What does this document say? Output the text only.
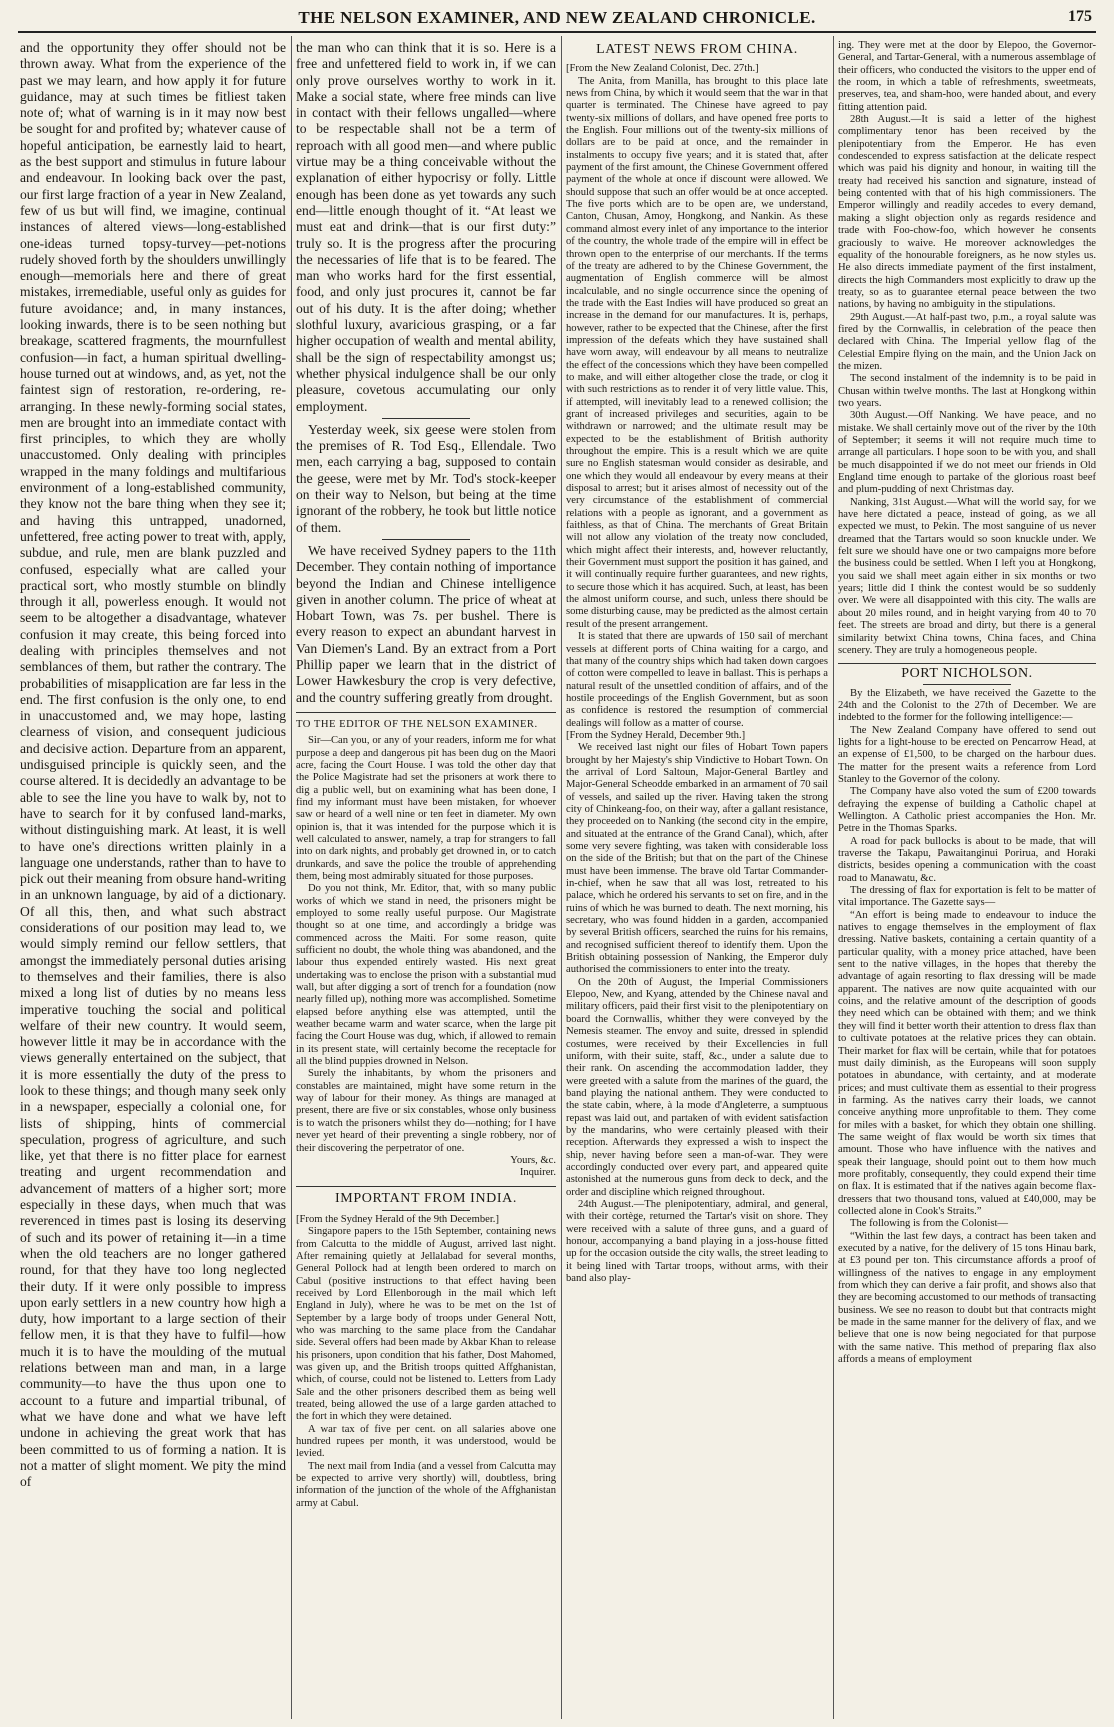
THE NELSON EXAMINER, AND NEW ZEALAND CHRONICLE.	175

and the opportunity they offer should not be thrown away. What from the experience of the past we may learn, and how apply it for future guidance, may at such times be fitliest taken note of; what of warning is in it may now best be sought for and profited by; whatever cause of hopeful anticipation, be earnestly laid to heart, as the best support and stimulus in future labour and endeavour. In looking back over the past, our first large fraction of a year in New Zealand, few of us but will find, we imagine, continual instances of altered views—long-established one-ideas turned topsy-turvey—pet-notions rudely shoved forth by the shoulders unwillingly enough—memorials here and there of great mistakes, irremediable, useful only as guides for future avoidance; and, in many instances, looking inwards, there is to be seen nothing but breakage, scattered fragments, the mournfullest confusion—in fact, a human spiritual dwelling-house turned out at windows, and, as yet, not the faintest sign of restoration, re-ordering, re-arranging. In these newly-forming social states, men are brought into an immediate contact with first principles, to which they are wholly unaccustomed. Only dealing with principles wrapped in the many foldings and multifarious environment of a long-established community, they know not the bare thing when they see it; and having this untrapped, unadorned, unfettered, free acting power to treat with, apply, subdue, and rule, men are blank puzzled and confused, especially what are called your practical sort, who mostly stumble on blindly through it all, powerless enough. It would not seem to be altogether a disadvantage, whatever confusion it may create, this being forced into dealing with principles themselves and not semblances of them, but rather the contrary. The probabilities of misapplication are far less in the end. The first confusion is the only one, to end in unaccustomed and, we may hope, lasting clearness of vision, and consequent judicious and decisive action. Departure from an apparent, undisguised principle is quickly seen, and the course altered. It is decidedly an advantage to be able to see the line you have to walk by, not to have to search for it by confused land-marks, without distinguishing mark. At least, it is well to have one's directions written plainly in a language one understands, rather than to have to pick out their meaning from obsure hand-writing in an unknown language, by aid of a dictionary. Of all this, then, and what such abstract considerations of our position may lead to, we would simply remind our fellow settlers, that amongst the immediately personal duties arising to themselves and their families, there is also mixed a long list of duties by no means less imperative touching the social and political welfare of their new country. It would seem, however little it may be in accordance with the views generally entertained on the subject, that it is more essentially the duty of the press to look to these things; and though many seek only in a newspaper, especially a colonial one, for lists of shipping, hints of commercial speculation, progress of agriculture, and such like, yet that there is no fitter place for earnest treating and urgent recommendation and advancement of matters of a higher sort; more especially in these days, when much that was reverenced in times past is losing its deserving of such and its power of retaining it—in a time when the old teachers are no longer gathered round, for that they have too long neglected their duty. If it were only possible to impress upon early settlers in a new country how high a duty, how important to a large section of their fellow men, it is that they have to fulfil—how much it is to have the moulding of the mutual relations between man and man, in a large community—to have the thus upon one to account to a future and impartial tribunal, of what we have done and what we have left undone in achieving the great work that has been committed to us of forming a nation. It is not a matter of slight moment. We pity the mind of

the man who can think that it is so. Here is a free and unfettered field to work in, if we can only prove ourselves worthy to work in it. Make a social state, where free minds can live in contact with their fellows ungalled—where to be respectable shall not be a term of reproach with all good men—and where public virtue may be a thing conceivable without the explanation of either hypocrisy or folly. Little enough has been done as yet towards any such end—little enough thought of it. “At least we must eat and drink—that is our first duty:” truly so. It is the progress after the procuring the necessaries of life that is to be feared. The man who works hard for the first essential, food, and only just procures it, cannot be far out of his duty. It is the after doing; whether slothful luxury, avaricious grasping, or a far higher occupation of wealth and mental ability, shall be the sign of respectability amongst us; whether physical indulgence shall be our only pleasure, covetous accumulating our only employment.

Yesterday week, six geese were stolen from the premises of R. Tod Esq., Ellendale. Two men, each carrying a bag, supposed to contain the geese, were met by Mr. Tod's stock-keeper on their way to Nelson, but being at the time ignorant of the robbery, he took but little notice of them.

We have received Sydney papers to the 11th December. They contain nothing of importance beyond the Indian and Chinese intelligence given in another column. The price of wheat at Hobart Town, was 7s. per bushel. There is every reason to expect an abundant harvest in Van Diemen's Land. By an extract from a Port Phillip paper we learn that in the district of Lower Hawkesbury the crop is very defective, and the country suffering greatly from drought.

TO THE EDITOR OF THE NELSON EXAMINER.

Sir—Can you, or any of your readers, inform me for what purpose a deep and dangerous pit has been dug on the Maori acre, facing the Court House. I was told the other day that the Police Magistrate had set the prisoners at work there to dig a public well, but on examining what has been done, I find my informant must have been mistaken, for whoever saw or heard of a well nine or ten feet in diameter. My own opinion is, that it was intended for the purpose which it is well calculated to answer, namely, a trap for strangers to fall into on dark nights, and probably get drowned in, or to catch drunkards, and save the police the trouble of apprehending them, being most admirably situated for those purposes.

Do you not think, Mr. Editor, that, with so many public works of which we stand in need, the prisoners might be employed to some really useful purpose. Our Magistrate thought so at one time, and accordingly a bridge was commenced across the Maiti. For some reason, quite sufficient no doubt, the whole thing was abandoned, and the labour thus expended entirely wasted. His next great undertaking was to enclose the prison with a substantial mud wall, but after digging a sort of trench for a foundation (now nearly filled up), nothing more was accomplished. Sometime elapsed before anything else was attempted, until the weather became warm and water scarce, when the large pit facing the Court House was dug, which, if allowed to remain in its present state, will certainly become the receptacle for all the blind puppies drowned in Nelson.

Surely the inhabitants, by whom the prisoners and constables are maintained, might have some return in the way of labour for their money. As things are managed at present, there are five or six constables, whose only business is to watch the prisoners whilst they do—nothing; for I have never yet heard of their preventing a single robbery, nor of their discovering the perpetrator of one.

Yours, &c.
Inquirer.
IMPORTANT FROM INDIA.

[From the Sydney Herald of the 9th December.]

Singapore papers to the 15th September, containing news from Calcutta to the middle of August, arrived last night. After remaining quietly at Jellalabad for several months, General Pollock had at length been ordered to march on Cabul (positive instructions to that effect having been received by Lord Ellenborough in the mail which left England in July), where he was to be met on the 1st of September by a large body of troops under General Nott, who was marching to the same place from the Candahar side. Several offers had been made by Akbar Khan to release his prisoners, upon condition that his father, Dost Mahomed, was given up, and the British troops quitted Affghanistan, which, of course, could not be listened to. Letters from Lady Sale and the other prisoners described them as being well treated, being allowed the use of a large garden attached to the fort in which they were detained.

A war tax of five per cent. on all salaries above one hundred rupees per month, it was understood, would be levied.

The next mail from India (and a vessel from Calcutta may be expected to arrive very shortly) will, doubtless, bring information of the junction of the whole of the Affghanistan army at Cabul.

LATEST NEWS FROM CHINA.

[From the New Zealand Colonist, Dec. 27th.]

The Anita, from Manilla, has brought to this place late news from China, by which it would seem that the war in that quarter is terminated. The Chinese have agreed to pay twenty-six millions of dollars, and have opened free ports to the English. Four millions out of the twenty-six millions of dollars are to be paid at once, and the remainder in instalments to occupy five years; and it is stated that, after payment of the first amount, the Chinese Government offered payment of the whole at once if discount were allowed. We should suppose that such an offer would be at once accepted. The five ports which are to be open are, we understand, Canton, Chusan, Amoy, Hongkong, and Nankin. As these command almost every inlet of any importance to the interior of the country, the whole trade of the empire will in effect be thrown open to the enterprise of our merchants. If the terms of the treaty are adhered to by the Chinese Government, the augmentation of English commerce will be almost incalculable, and no single occurrence since the opening of the trade with the East Indies will have produced so great an increase in the demand for our manufactures. It is, perhaps, however, rather to be expected that the Chinese, after the first impression of the defeats which they have sustained shall have worn away, will endeavour by all means to neutralize the effect of the concessions which they have been compelled to make, and will either altogether close the trade, or clog it with such restrictions as to render it of very little value. This, if attempted, will inevitably lead to a renewed collision; the grant of increased privileges and securities, again to be withdrawn or narrowed; and the ultimate result may be expected to be the establishment of British authority throughout the empire. This is a result which we are quite sure no English statesman would consider as desirable, and one which they would all endeavour by every means at their disposal to arrest; but it arises almost of necessity out of the very circumstance of the establishment of commercial relations with a people as ignorant, and a government as faithless, as that of China. The merchants of Great Britain will not allow any violation of the treaty now concluded, which might affect their interests, and, however reluctantly, their Government must support the position it has gained, and it will continually require further guarantees, and new rights, to secure those which it has acquired. Such, at least, has been the almost uniform course, and such, unless there should be some disturbing cause, may be predicted as the almost certain result of the present arrangement.

It is stated that there are upwards of 150 sail of merchant vessels at different ports of China waiting for a cargo, and that many of the country ships which had taken down cargoes of cotton were compelled to leave in ballast. This is perhaps a natural result of the unsettled condition of affairs, and of the hostile proceedings of the English Government, but as soon as confidence is restored the resumption of commercial dealings will follow as a matter of course.

[From the Sydney Herald, December 9th.]

We received last night our files of Hobart Town papers brought by her Majesty's ship Vindictive to Hobart Town. On the arrival of Lord Saltoun, Major-General Bartley and Major-General Scheodde embarked in an armament of 70 sail of vessels, and sailed up the river. Having taken the strong city of Chinkeang-foo, on their way, after a gallant resistance, they proceeded on to Nanking (the second city in the empire, and situated at the entrance of the Grand Canal), which, after some very severe fighting, was taken with considerable loss on the side of the British; but that on the part of the Chinese must have been immense. The brave old Tartar Commander-in-chief, when he saw that all was lost, retreated to his palace, which he ordered his servants to set on fire, and in the ruins of which he was burned to death. The next morning, his secretary, who was found hidden in a garden, accompanied by several British officers, searched the ruins for his remains, and recognised sufficient thereof to identify them. Upon the British obtaining possession of Nanking, the Emperor duly authorised the commissioners to enter into the treaty.

On the 20th of August, the Imperial Commissioners Elepoo, New, and Kyang, attended by the Chinese naval and military officers, paid their first visit to the plenipotentiary on board the Cornwallis, whither they were conveyed by the Nemesis steamer. The envoy and suite, dressed in splendid costumes, were received by their Excellencies in full uniform, with their suite, staff, &c., under a salute due to their rank. On ascending the accommodation ladder, they were greeted with a salute from the marines of the guard, the band playing the national anthem. They were conducted to the state cabin, where, à la mode d'Angleterre, a sumptuous repast was laid out, and partaken of with evident satisfaction by the mandarins, who were certainly pleased with their reception. Afterwards they expressed a wish to inspect the ship, never having before seen a man-of-war. They were accordingly conducted over every part, and appeared quite astonished at the numerous guns from deck to deck, and the order and discipline which reigned throughout.

24th August.—The plenipotentiary, admiral, and general, with their cortège, returned the Tartar's visit on shore. They were received with a salute of three guns, and a guard of honour, accompanying a band playing in a joss-house fitted up for the occasion outside the city walls, the street leading to it being lined with Tartar troops, without arms, with their band also play-

ing. They were met at the door by Elepoo, the Governor-General, and Tartar-General, with a numerous assemblage of their officers, who conducted the visitors to the upper end of the room, in which a table of refreshments, sweetmeats, preserves, tea, and sham-hoo, were handed about, and every fitting attention paid.

28th August.—It is said a letter of the highest complimentary tenor has been received by the plenipotentiary from the Emperor. He has even condescended to express satisfaction at the delicate respect which was paid his dignity and honour, in waiting till the treaty had received his sanction and signature, instead of being contented with that of his high commissioners. The Emperor willingly and readily accedes to every demand, making a slight objection only as regards residence and trade with Foo-chow-foo, which however he consents graciously to waive. He moreover acknowledges the equality of the honourable foreigners, as he now styles us. He also directs immediate payment of the first instalment, directs the high Commanders most explicitly to draw up the treaty, so as to guarantee eternal peace between the two nations, by having no ambiguity in the stipulations.

29th August.—At half-past two, p.m., a royal salute was fired by the Cornwallis, in celebration of the peace then declared with China. The Imperial yellow flag of the Celestial Empire flying on the main, and the Union Jack on the mizen.

The second instalment of the indemnity is to be paid in Chusan within twelve months. The last at Hongkong within two years.

30th August.—Off Nanking. We have peace, and no mistake. We shall certainly move out of the river by the 10th of September; it seems it will not require much time to arrange all particulars. I hope soon to be with you, and shall be much disappointed if we do not meet our friends in Old England time enough to partake of the glorious roast beef and plum-pudding of next Christmas day.

Nanking, 31st August.—What will the world say, for we have here dictated a peace, instead of going, as we all expected we must, to Pekin. The most sanguine of us never dreamed that the Tartars would so soon knuckle under. We felt sure we should have one or two campaigns more before the business could be settled. When I left you at Hongkong, you said we shall meet again either in six months or two years; little did I think the contest would be so suddenly over. We were all disappointed with this city. The walls are about 20 miles round, and in height varying from 40 to 70 feet. The streets are broad and dirty, but there is a general similarity betwixt China towns, China faces, and China scenery. They are truly a homogeneous people.

PORT NICHOLSON.

By the Elizabeth, we have received the Gazette to the 24th and the Colonist to the 27th of December. We are indebted to the former for the following intelligence:—

The New Zealand Company have offered to send out lights for a light-house to be erected on Pencarrow Head, at an expense of £1,500, to be charged on the harbour dues. The matter for the present waits a reference from Lord Stanley to the Governor of the colony.

The Company have also voted the sum of £200 towards defraying the expense of building a Catholic chapel at Wellington. A Catholic priest accompanies the Hon. Mr. Petre in the Thomas Sparks.

A road for pack bullocks is about to be made, that will traverse the Takapu, Pawaitanginui Porirua, and Horaki districts, besides opening a communication with the coast road to Manawatu, &c.

The dressing of flax for exportation is felt to be matter of vital importance. The Gazette says—

“An effort is being made to endeavour to induce the natives to engage themselves in the employment of flax dressing. Native baskets, containing a certain quantity of a particular quality, with a money price attached, have been sent to the native villages, in the hopes that thereby the advantage of again resorting to flax dressing will be made apparent. The natives are now quite acquainted with our coins, and the relative amount of the description of goods they need which can be obtained with them; and we think they will find it better worth their attention to dress flax than to cultivate potatoes at the relative prices they can obtain. Their market for flax will be certain, while that for potatoes must daily diminish, as the Europeans will soon supply potatoes in abundance, with certainty, and at moderate prices; and must cultivate them as essential to their progress in farming. As the natives carry their loads, we cannot conceive anything more unprofitable to them. They come for miles with a basket, for which they obtain one shilling. The same weight of flax would be worth six times that amount. Those who have influence with the natives and speak their language, should point out to them how much more profitably, consequently, they could expend their time on flax. It is estimated that if the natives again become flax-dressers that two thousand tons, valued at £40,000, may be collected alone in Cook's Straits.”

The following is from the Colonist—

“Within the last few days, a contract has been taken and executed by a native, for the delivery of 15 tons Hinau bark, at £3 pound per ton. This circumstance affords a proof of willingness of the natives to engage in any employment from which they can derive a fair profit, and shows also that they are becoming accustomed to our methods of transacting business. We see no reason to doubt but that contracts might be made in the same manner for the delivery of flax, and we believe that one is now being negociated for that purpose with the same native. This method of preparing flax also affords a means of employment
